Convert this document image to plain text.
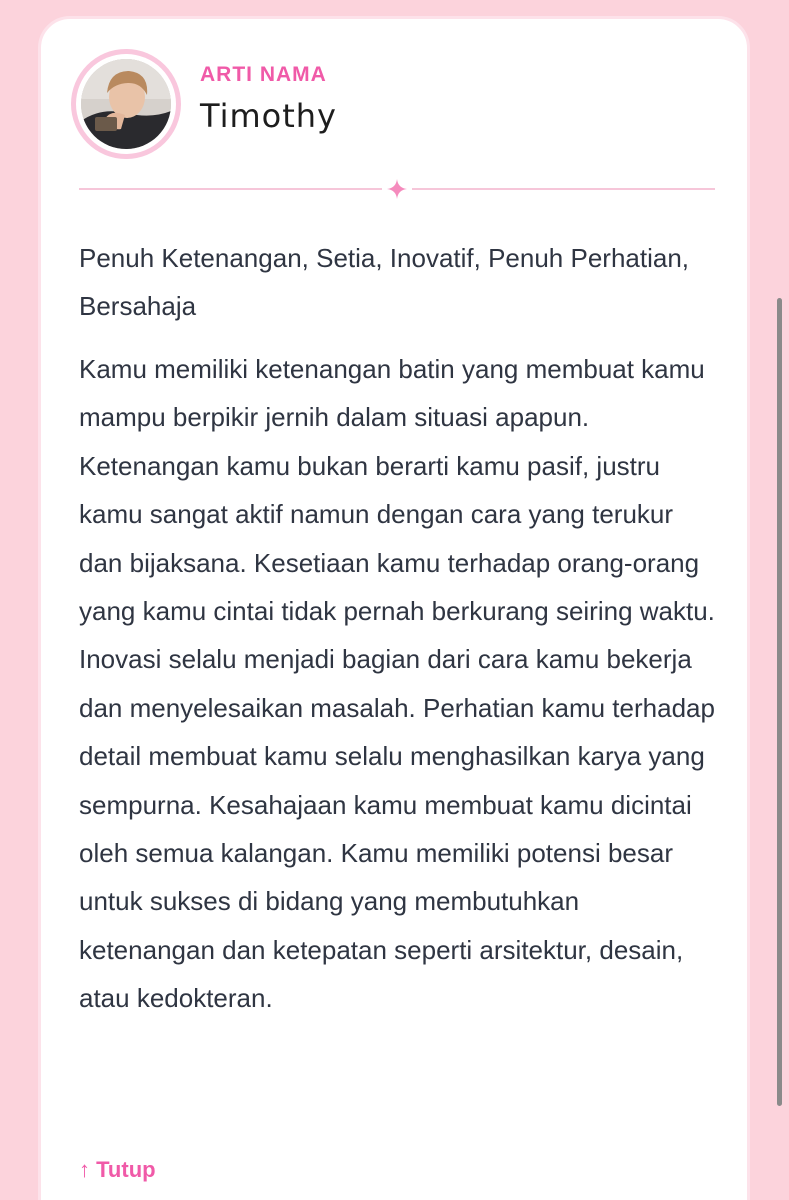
ARTI NAMA
Timothy
Penuh Ketenangan, Setia, Inovatif, Penuh Perhatian, Bersahaja
Kamu memiliki ketenangan batin yang membuat kamu mampu berpikir jernih dalam situasi apapun. Ketenangan kamu bukan berarti kamu pasif, justru kamu sangat aktif namun dengan cara yang terukur dan bijaksana. Kesetiaan kamu terhadap orang-orang yang kamu cintai tidak pernah berkurang seiring waktu. Inovasi selalu menjadi bagian dari cara kamu bekerja dan menyelesaikan masalah. Perhatian kamu terhadap detail membuat kamu selalu menghasilkan karya yang sempurna. Kesahajaan kamu membuat kamu dicintai oleh semua kalangan. Kamu memiliki potensi besar untuk sukses di bidang yang membutuhkan ketenangan dan ketepatan seperti arsitektur, desain, atau kedokteran.
↑ Tutup
